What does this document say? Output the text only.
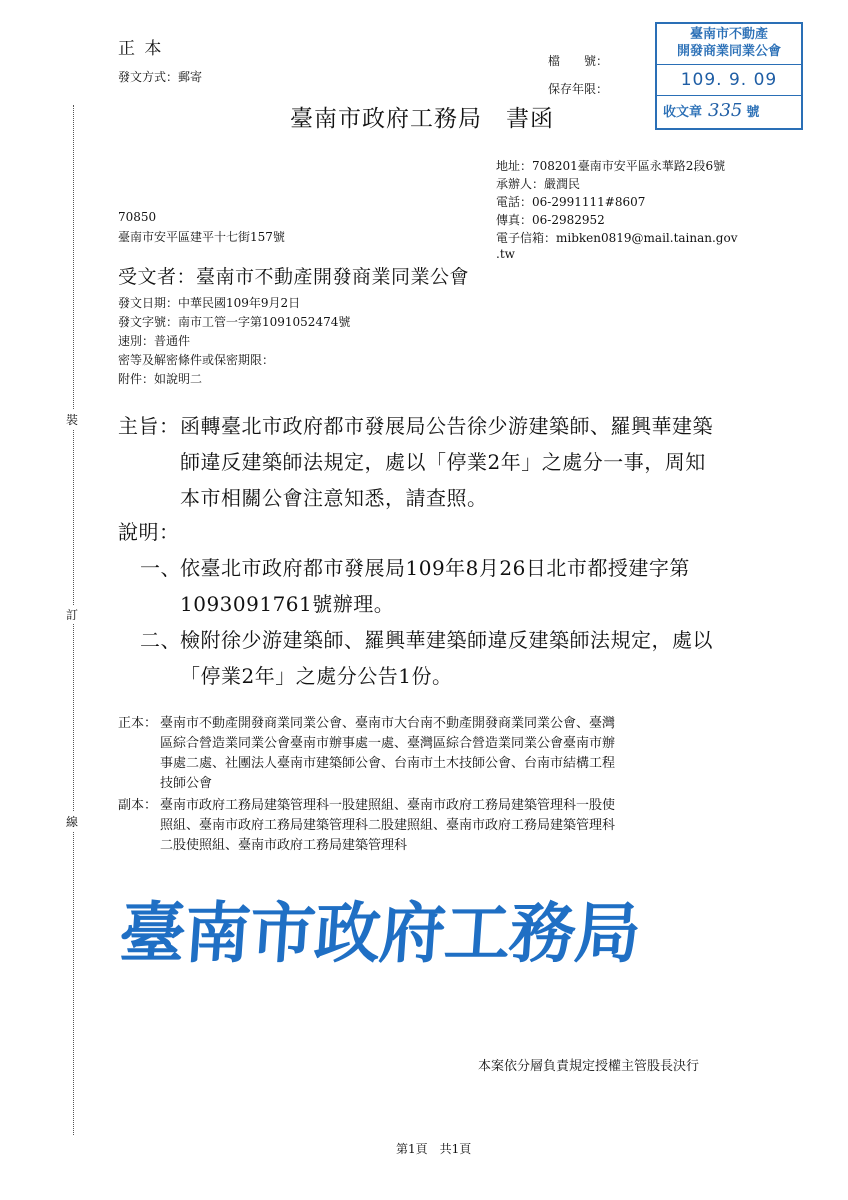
裝
訂
線
正 本
發文方式：郵寄
檔　　號：
保存年限：
臺南市不動產
開發商業同業公會
109. 9. 09
收文章 335 號
臺南市政府工務局　書函
地址：708201臺南市安平區永華路2段6號
承辦人：嚴潤民
電話：06-2991111#8607
傳真：06-2982952
電子信箱：mibken0819@mail.tainan.gov
.tw
70850
臺南市安平區建平十七街157號
受文者：臺南市不動產開發商業同業公會
發文日期：中華民國109年9月2日
發文字號：南市工管一字第1091052474號
速別：普通件
密等及解密條件或保密期限：
附件：如說明二
主旨： 函轉臺北市政府都市發展局公告徐少游建築師、羅興華建築
師違反建築師法規定，處以「停業2年」之處分一事，周知
本市相關公會注意知悉，請查照。
說明：
一、 依臺北市政府都市發展局109年8月26日北市都授建字第
1093091761號辦理。
二、 檢附徐少游建築師、羅興華建築師違反建築師法規定，處以
「停業2年」之處分公告1份。
正本： 臺南市不動產開發商業同業公會、臺南市大台南不動產開發商業同業公會、臺灣
區綜合營造業同業公會臺南市辦事處一處、臺灣區綜合營造業同業公會臺南市辦
事處二處、社團法人臺南市建築師公會、台南市土木技師公會、台南市結構工程
技師公會
副本： 臺南市政府工務局建築管理科一股建照組、臺南市政府工務局建築管理科一股使
照組、臺南市政府工務局建築管理科二股建照組、臺南市政府工務局建築管理科
二股使照組、臺南市政府工務局建築管理科
臺南市政府工務局
本案依分層負責規定授權主管股長決行
第1頁　共1頁
